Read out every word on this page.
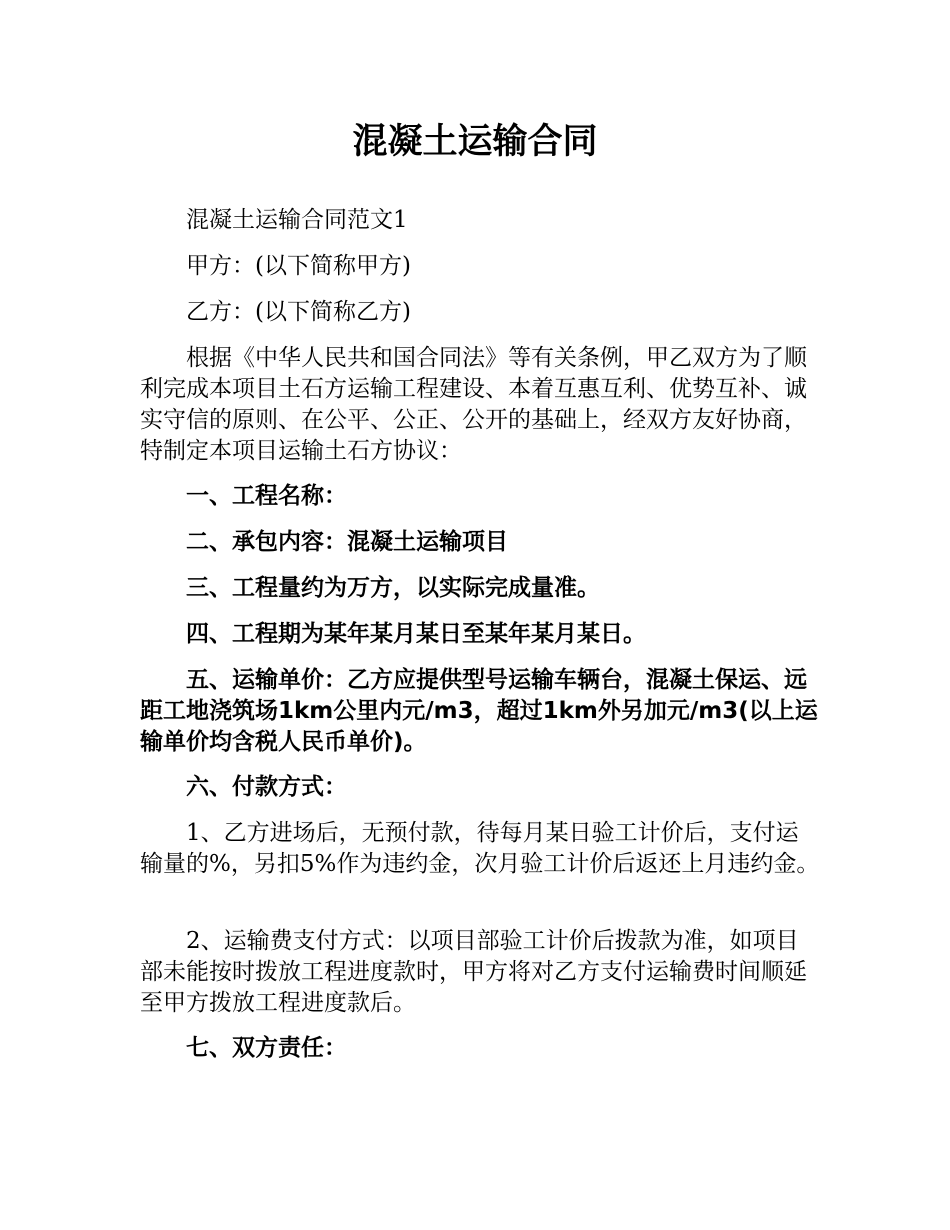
混凝土运输合同

混凝土运输合同范文1

甲方：(以下简称甲方)

乙方：(以下简称乙方)

根据《中华人民共和国合同法》等有关条例，甲乙双方为了顺利完成本项目土石方运输工程建设、本着互惠互利、优势互补、诚实守信的原则、在公平、公正、公开的基础上，经双方友好协商，特制定本项目运输土石方协议：

一、工程名称：

二、承包内容：混凝土运输项目

三、工程量约为万方，以实际完成量准。

四、工程期为某年某月某日至某年某月某日。

五、运输单价：乙方应提供型号运输车辆台，混凝土保运、远距工地浇筑场1km公里内元/m3，超过1km外另加元/m3(以上运输单价均含税人民币单价)。

六、付款方式：

1、乙方进场后，无预付款，待每月某日验工计价后，支付运输量的%，另扣5%作为违约金，次月验工计价后返还上月违约金。

2、运输费支付方式：以项目部验工计价后拨款为准，如项目部未能按时拨放工程进度款时，甲方将对乙方支付运输费时间顺延至甲方拨放工程进度款后。

七、双方责任：
